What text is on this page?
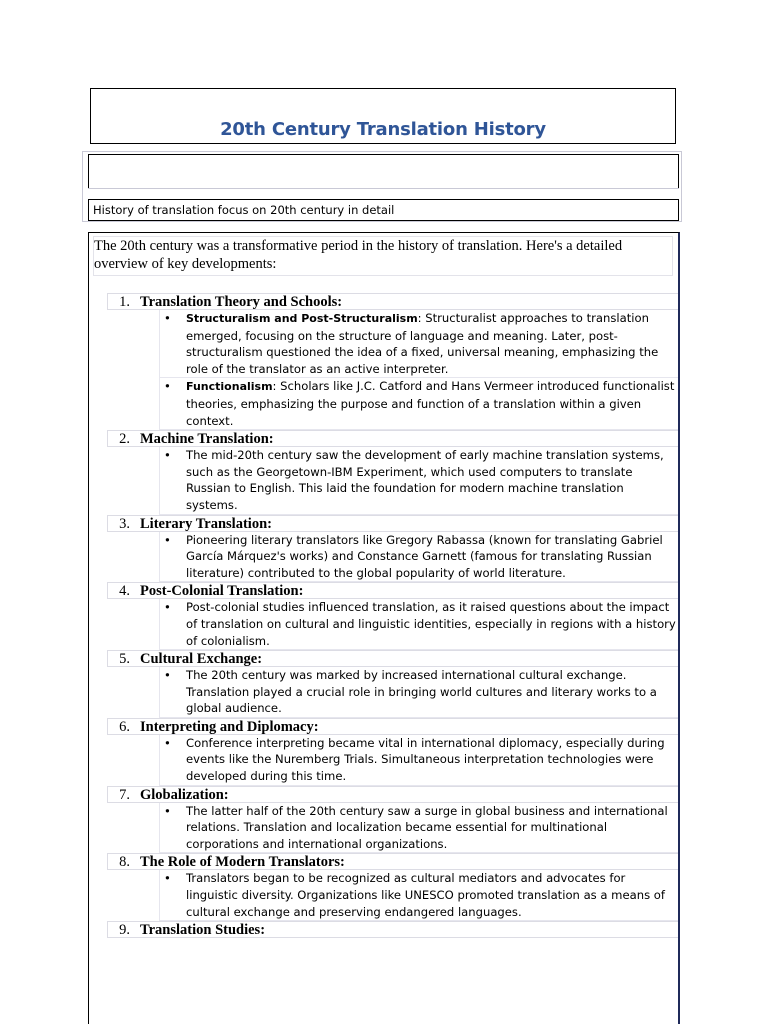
20th Century Translation History
History of translation focus on 20th century in detail
The 20th century was a transformative period in the history of translation. Here's a detailed overview of key developments:
1. Translation Theory and Schools:
• Structuralism and Post-Structuralism: Structuralist approaches to translation emerged, focusing on the structure of language and meaning. Later, post-structuralism questioned the idea of a fixed, universal meaning, emphasizing the role of the translator as an active interpreter.
• Functionalism: Scholars like J.C. Catford and Hans Vermeer introduced functionalist theories, emphasizing the purpose and function of a translation within a given context.
2. Machine Translation:
• The mid-20th century saw the development of early machine translation systems, such as the Georgetown-IBM Experiment, which used computers to translate Russian to English. This laid the foundation for modern machine translation systems.
3. Literary Translation:
• Pioneering literary translators like Gregory Rabassa (known for translating Gabriel García Márquez's works) and Constance Garnett (famous for translating Russian literature) contributed to the global popularity of world literature.
4. Post-Colonial Translation:
• Post-colonial studies influenced translation, as it raised questions about the impact of translation on cultural and linguistic identities, especially in regions with a history of colonialism.
5. Cultural Exchange:
• The 20th century was marked by increased international cultural exchange. Translation played a crucial role in bringing world cultures and literary works to a global audience.
6. Interpreting and Diplomacy:
• Conference interpreting became vital in international diplomacy, especially during events like the Nuremberg Trials. Simultaneous interpretation technologies were developed during this time.
7. Globalization:
• The latter half of the 20th century saw a surge in global business and international relations. Translation and localization became essential for multinational corporations and international organizations.
8. The Role of Modern Translators:
• Translators began to be recognized as cultural mediators and advocates for linguistic diversity. Organizations like UNESCO promoted translation as a means of cultural exchange and preserving endangered languages.
9. Translation Studies:
